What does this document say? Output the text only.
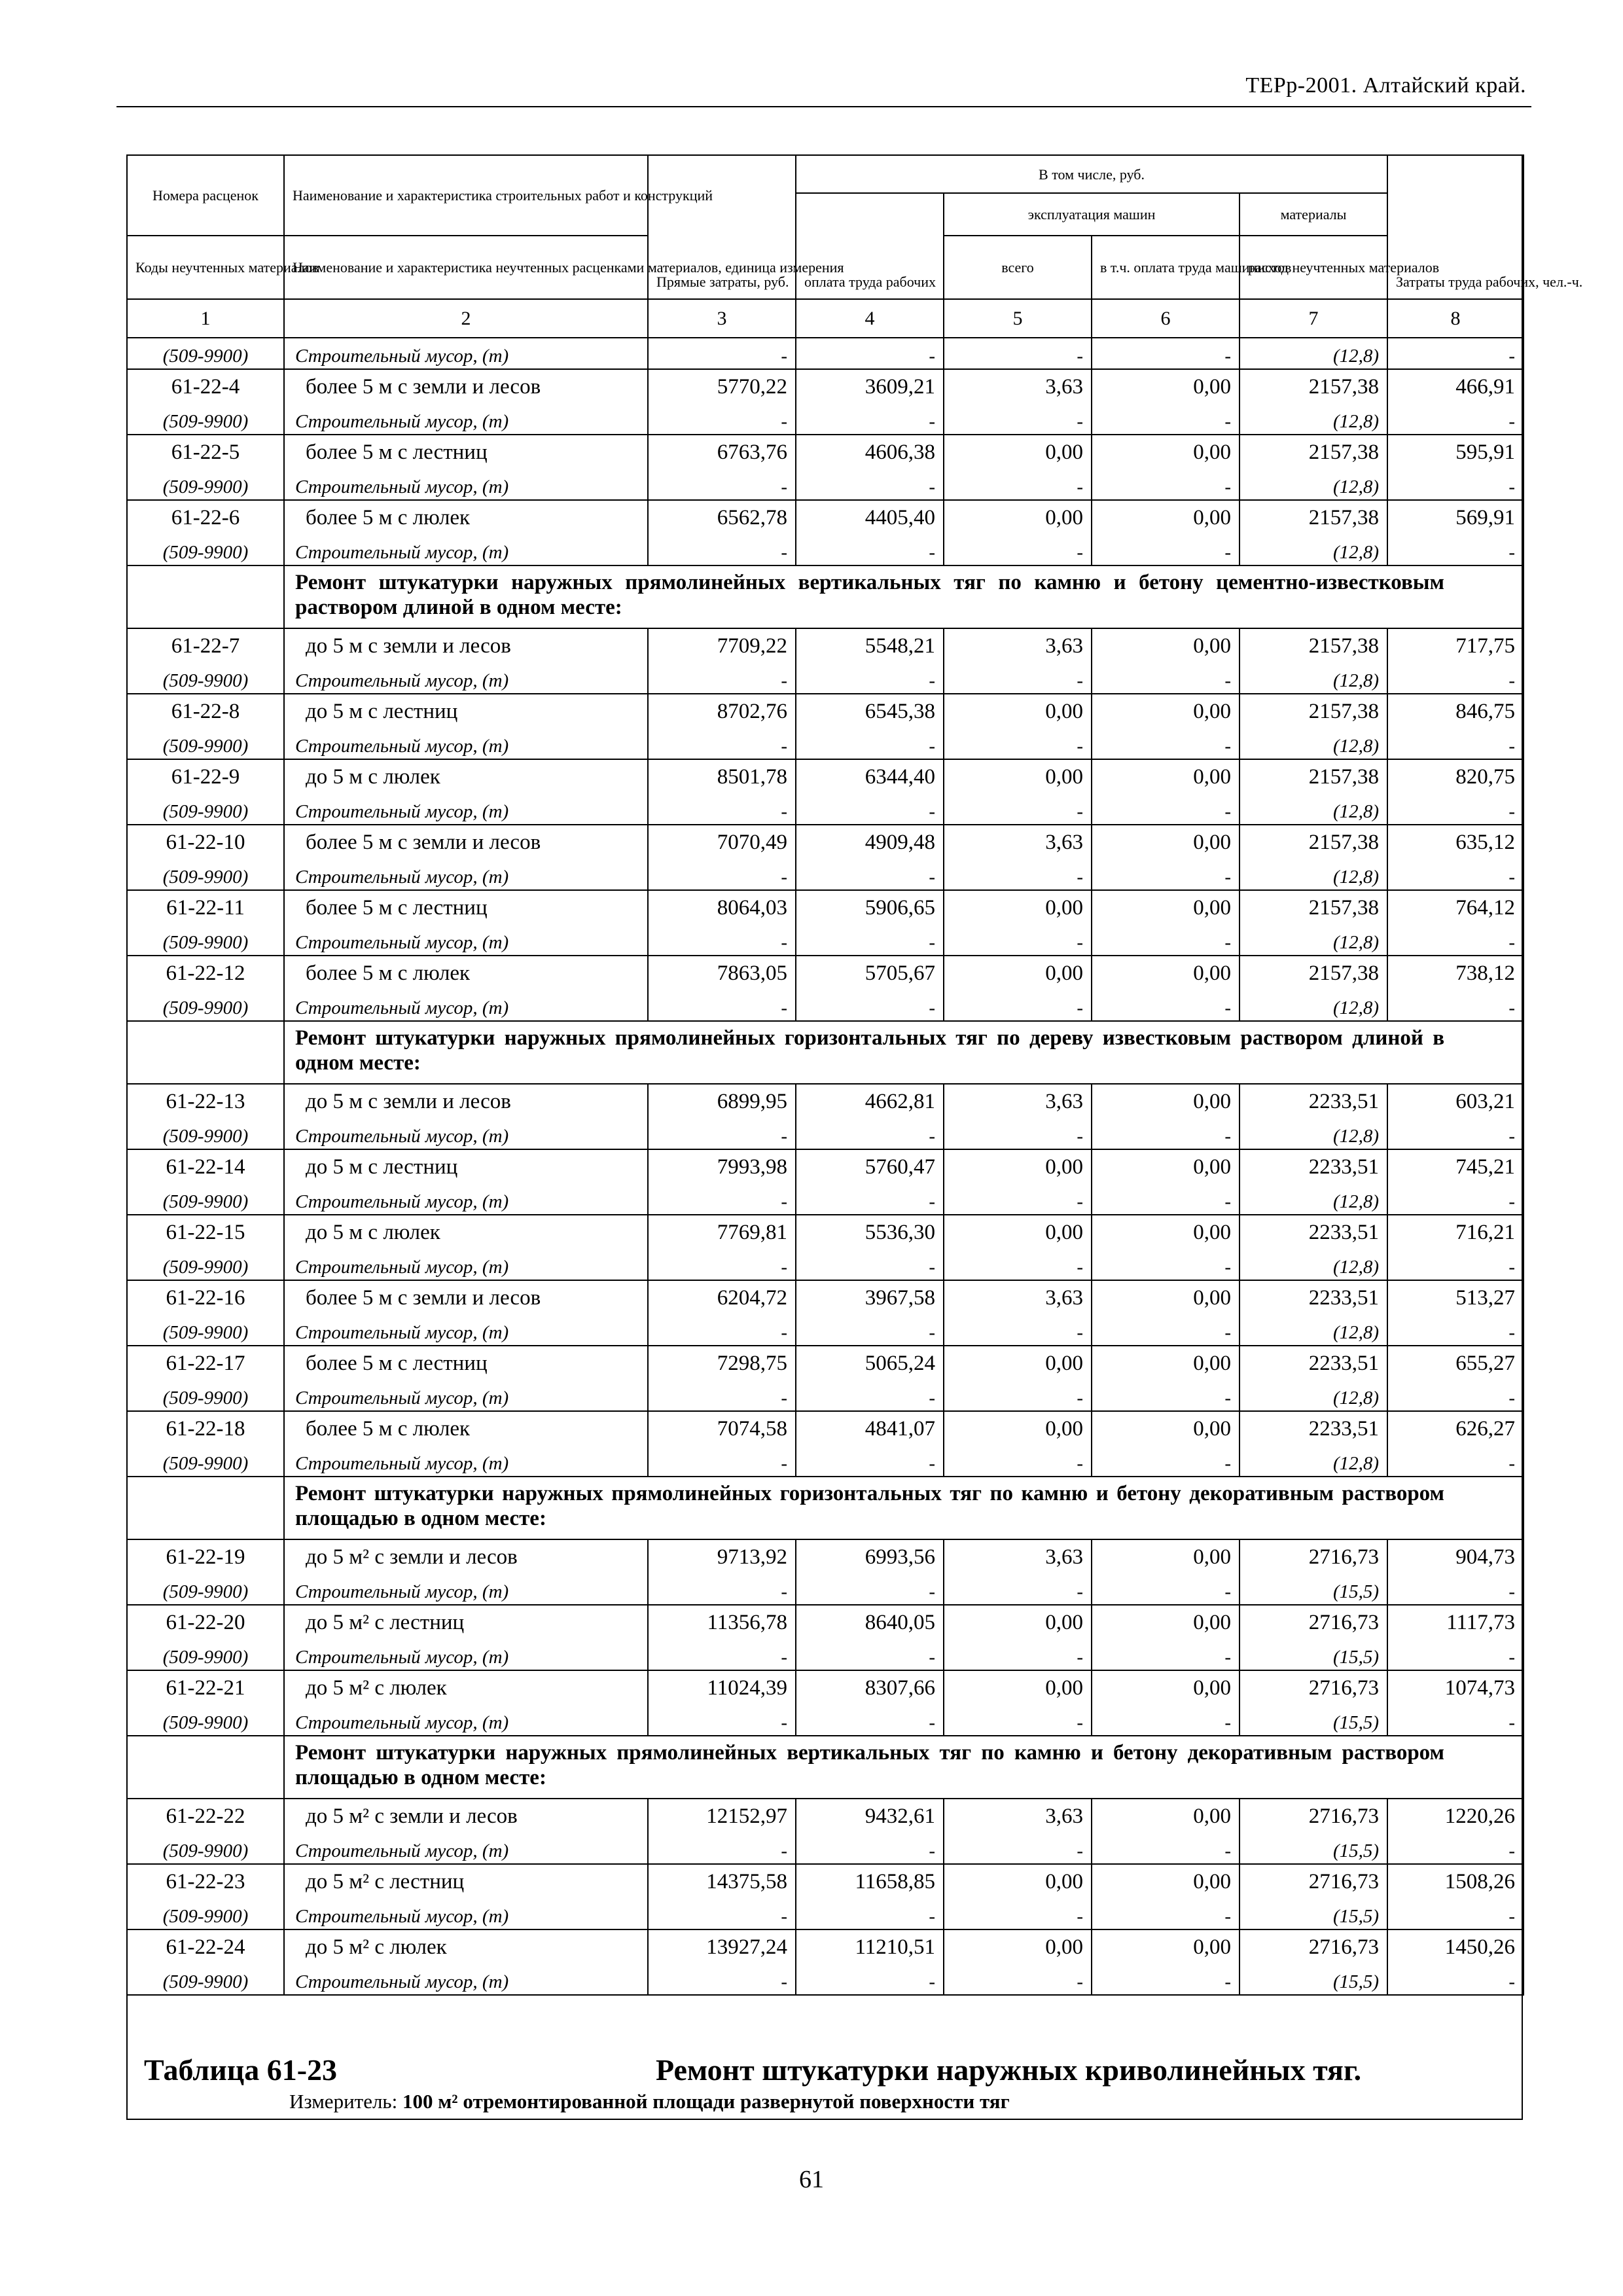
ТЕРр-2001. Алтайский край.
Номера расценок	Наименование и характеристика строительных работ и конструкций	Прямые затраты, руб.	В том числе, руб.				Затраты труда рабочих, чел.-ч.
			оплата труда рабочих	эксплуатация машин		материалы	
Коды неучтенных материалов	Наименование и характеристика неучтенных расценками материалов, единица измерения			всего	в т.ч. оплата труда машинистов	расход неучтенных материалов	
1	2	3	4	5	6	7	8
(509-9900)	Строительный мусор, (т)	-	-	-	-	(12,8)	-
61-22-4	более 5 м с земли и лесов	5770,22	3609,21	3,63	0,00	2157,38	466,91
(509-9900)	Строительный мусор, (т)	-	-	-	-	(12,8)	-
61-22-5	более 5 м с лестниц	6763,76	4606,38	0,00	0,00	2157,38	595,91
(509-9900)	Строительный мусор, (т)	-	-	-	-	(12,8)	-
61-22-6	более 5 м с люлек	6562,78	4405,40	0,00	0,00	2157,38	569,91
(509-9900)	Строительный мусор, (т)	-	-	-	-	(12,8)	-
	Ремонт штукатурки наружных прямолинейных вертикальных тяг по камню и бетону цементно-известковым раствором длиной в одном месте:						
61-22-7	до 5 м с земли и лесов	7709,22	5548,21	3,63	0,00	2157,38	717,75
(509-9900)	Строительный мусор, (т)	-	-	-	-	(12,8)	-
61-22-8	до 5 м с лестниц	8702,76	6545,38	0,00	0,00	2157,38	846,75
(509-9900)	Строительный мусор, (т)	-	-	-	-	(12,8)	-
61-22-9	до 5 м с люлек	8501,78	6344,40	0,00	0,00	2157,38	820,75
(509-9900)	Строительный мусор, (т)	-	-	-	-	(12,8)	-
61-22-10	более 5 м с земли и лесов	7070,49	4909,48	3,63	0,00	2157,38	635,12
(509-9900)	Строительный мусор, (т)	-	-	-	-	(12,8)	-
61-22-11	более 5 м с лестниц	8064,03	5906,65	0,00	0,00	2157,38	764,12
(509-9900)	Строительный мусор, (т)	-	-	-	-	(12,8)	-
61-22-12	более 5 м с люлек	7863,05	5705,67	0,00	0,00	2157,38	738,12
(509-9900)	Строительный мусор, (т)	-	-	-	-	(12,8)	-
	Ремонт штукатурки наружных прямолинейных горизонтальных тяг по дереву известковым раствором длиной в одном месте:						
61-22-13	до 5 м с земли и лесов	6899,95	4662,81	3,63	0,00	2233,51	603,21
(509-9900)	Строительный мусор, (т)	-	-	-	-	(12,8)	-
61-22-14	до 5 м с лестниц	7993,98	5760,47	0,00	0,00	2233,51	745,21
(509-9900)	Строительный мусор, (т)	-	-	-	-	(12,8)	-
61-22-15	до 5 м с люлек	7769,81	5536,30	0,00	0,00	2233,51	716,21
(509-9900)	Строительный мусор, (т)	-	-	-	-	(12,8)	-
61-22-16	более 5 м с земли и лесов	6204,72	3967,58	3,63	0,00	2233,51	513,27
(509-9900)	Строительный мусор, (т)	-	-	-	-	(12,8)	-
61-22-17	более 5 м с лестниц	7298,75	5065,24	0,00	0,00	2233,51	655,27
(509-9900)	Строительный мусор, (т)	-	-	-	-	(12,8)	-
61-22-18	более 5 м с люлек	7074,58	4841,07	0,00	0,00	2233,51	626,27
(509-9900)	Строительный мусор, (т)	-	-	-	-	(12,8)	-
	Ремонт штукатурки наружных прямолинейных горизонтальных тяг по камню и бетону декоративным раствором площадью в одном месте:						
61-22-19	до 5 м² с земли и лесов	9713,92	6993,56	3,63	0,00	2716,73	904,73
(509-9900)	Строительный мусор, (т)	-	-	-	-	(15,5)	-
61-22-20	до 5 м² с лестниц	11356,78	8640,05	0,00	0,00	2716,73	1117,73
(509-9900)	Строительный мусор, (т)	-	-	-	-	(15,5)	-
61-22-21	до 5 м² с люлек	11024,39	8307,66	0,00	0,00	2716,73	1074,73
(509-9900)	Строительный мусор, (т)	-	-	-	-	(15,5)	-
	Ремонт штукатурки наружных прямолинейных вертикальных тяг по камню и бетону декоративным раствором площадью в одном месте:						
61-22-22	до 5 м² с земли и лесов	12152,97	9432,61	3,63	0,00	2716,73	1220,26
(509-9900)	Строительный мусор, (т)	-	-	-	-	(15,5)	-
61-22-23	до 5 м² с лестниц	14375,58	11658,85	0,00	0,00	2716,73	1508,26
(509-9900)	Строительный мусор, (т)	-	-	-	-	(15,5)	-
61-22-24	до 5 м² с люлек	13927,24	11210,51	0,00	0,00	2716,73	1450,26
(509-9900)	Строительный мусор, (т)	-	-	-	-	(15,5)	-
Таблица 61-23	Ремонт штукатурки наружных криволинейных тяг.
Измеритель: 100 м² отремонтированной площади развернутой поверхности тяг
61
